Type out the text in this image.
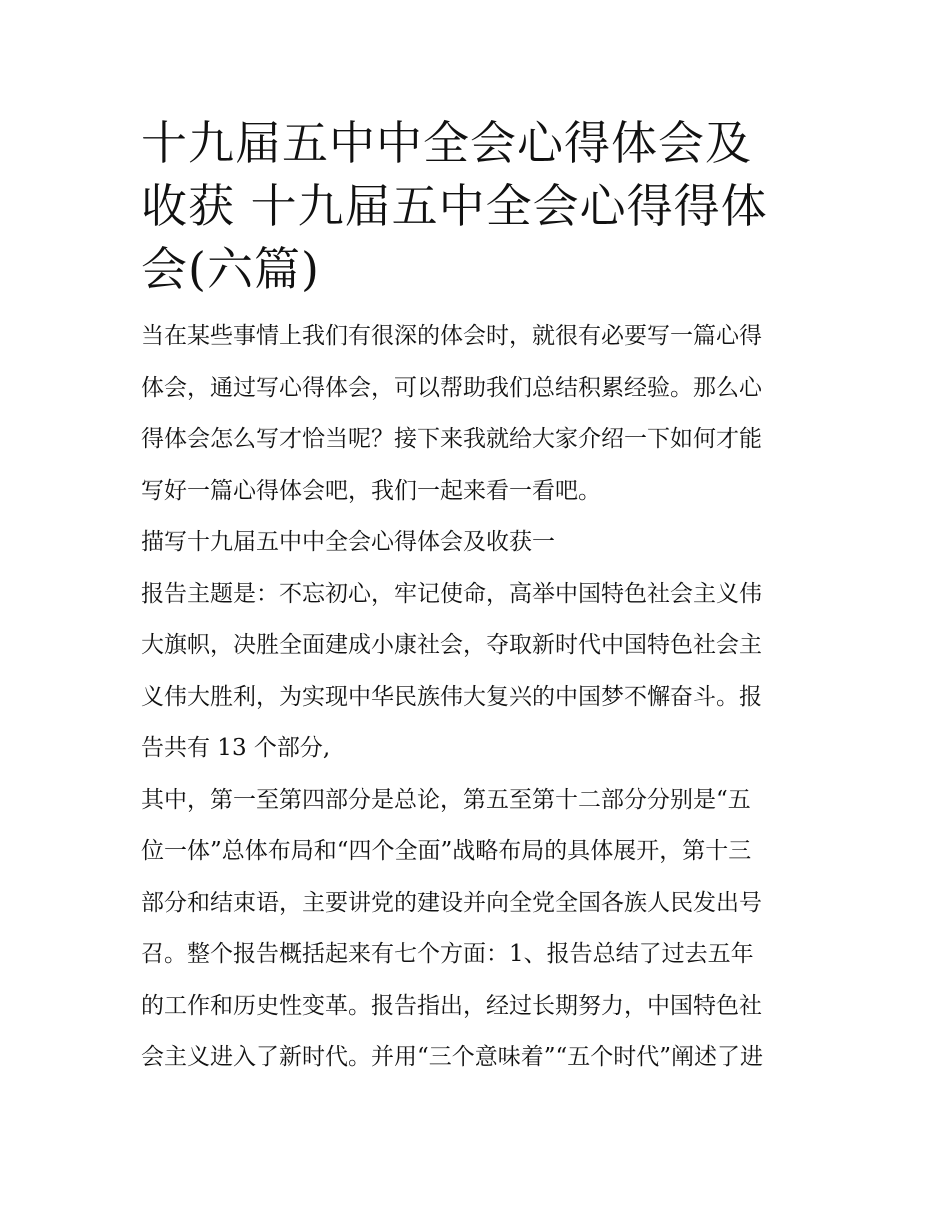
十九届五中中全会心得体会及
收获 十九届五中全会心得得体
会(六篇)

当在某些事情上我们有很深的体会时，就很有必要写一篇心得
体会，通过写心得体会，可以帮助我们总结积累经验。那么心
得体会怎么写才恰当呢？接下来我就给大家介绍一下如何才能
写好一篇心得体会吧，我们一起来看一看吧。

描写十九届五中中全会心得体会及收获一

报告主题是：不忘初心，牢记使命，高举中国特色社会主义伟
大旗帜，决胜全面建成小康社会，夺取新时代中国特色社会主
义伟大胜利，为实现中华民族伟大复兴的中国梦不懈奋斗。报
告共有 13 个部分,

其中，第一至第四部分是总论，第五至第十二部分分别是“五
位一体”总体布局和“四个全面”战略布局的具体展开，第十三
部分和结束语，主要讲党的建设并向全党全国各族人民发出号
召。整个报告概括起来有七个方面：1、报告总结了过去五年
的工作和历史性变革。报告指出，经过长期努力，中国特色社
会主义进入了新时代。并用“三个意味着”“五个时代”阐述了进
